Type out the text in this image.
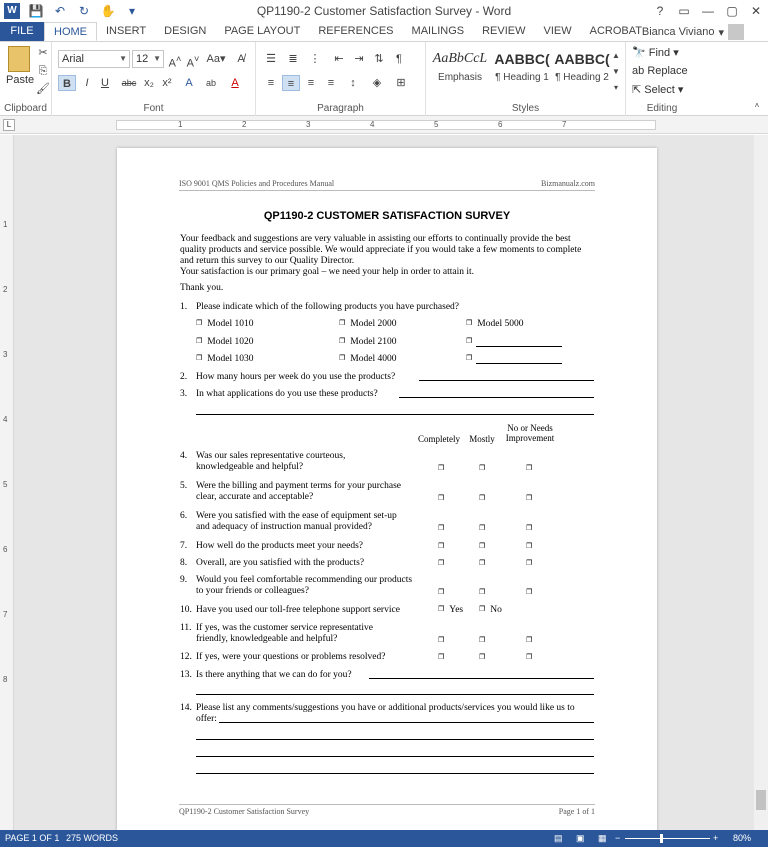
W 💾 ↶ ↻ ✋	▾	QP1190-2 Customer Satisfaction Survey - Word	?	▭	—	▢	✕
FILE	HOME	INSERT	DESIGN	PAGE LAYOUT	REFERENCES	MAILINGS	REVIEW	VIEW	ACROBAT Bianca Viviano ▾
Paste
✂
⎘
🖌
Clipboard
Arial	▼ 12 ▼ A˄ A˅ Aa▾	A̸
B	I	U	abc x₂ x²	A	ab	A
Font
☰	≣	⋮	⇤ ⇥ ⇅	¶
≡	≡	≡	≡	↕	◈	⊞
Paragraph
AaBbCcL
Emphasis
AABBC(
¶ Heading 1
AABBC(
¶ Heading 2
▲
▼
▾
Styles
🔭 Find ▾
ab Replace
⇱ Select ▾
Editing	˄
L	1	2	3	4	5	6	7
1
2
3
4
5
6
7
8
ISO 9001 QMS Policies and Procedures Manual	Bizmanualz.com
QP1190-2 CUSTOMER SATISFACTION SURVEY
Your feedback and suggestions are very valuable in assisting our efforts to continually provide the best quality products and service possible. We would appreciate if you would take a few moments to complete and return this survey to our Quality Director.
Your satisfaction is our primary goal – we need your help in order to attain it.
Thank you.
1. Please indicate which of the following products you have purchased?
❐ Model 1010	❐ Model 2000	❐ Model 5000
❐ Model 1020	❐ Model 2100
❐
❐ Model 1030	❐ Model 4000
❐
2. How many hours per week do you use the products?
3. In what applications do you use these products?
Completely	Mostly
No or Needs
Improvement
4. Was our sales representative courteous,
knowledgeable and helpful?	❐	❐	❐
5. Were the billing and payment terms for your purchase
clear, accurate and acceptable?	❐	❐	❐
6. Were you satisfied with the ease of equipment set-up
and adequacy of instruction manual provided?	❐	❐	❐
7. How well do the products meet your needs?	❐	❐	❐
8. Overall, are you satisfied with the products?	❐	❐	❐
9. Would you feel comfortable recommending our products
to your friends or colleagues?	❐	❐	❐
10. Have you used our toll-free telephone support service	❐ Yes	❐ No
11. If yes, was the customer service representative
friendly, knowledgeable and helpful?	❐	❐	❐
12. If yes, were your questions or problems resolved?	❐	❐	❐
13. Is there anything that we can do for you?
14. Please list any comments/suggestions you have or additional products/services you would like us to
offer:
QP1190-2 Customer Satisfaction Survey	Page 1 of 1
PAGE 1 OF 1 275 WORDS	▤ ▣ ▦ −	+ 80%
